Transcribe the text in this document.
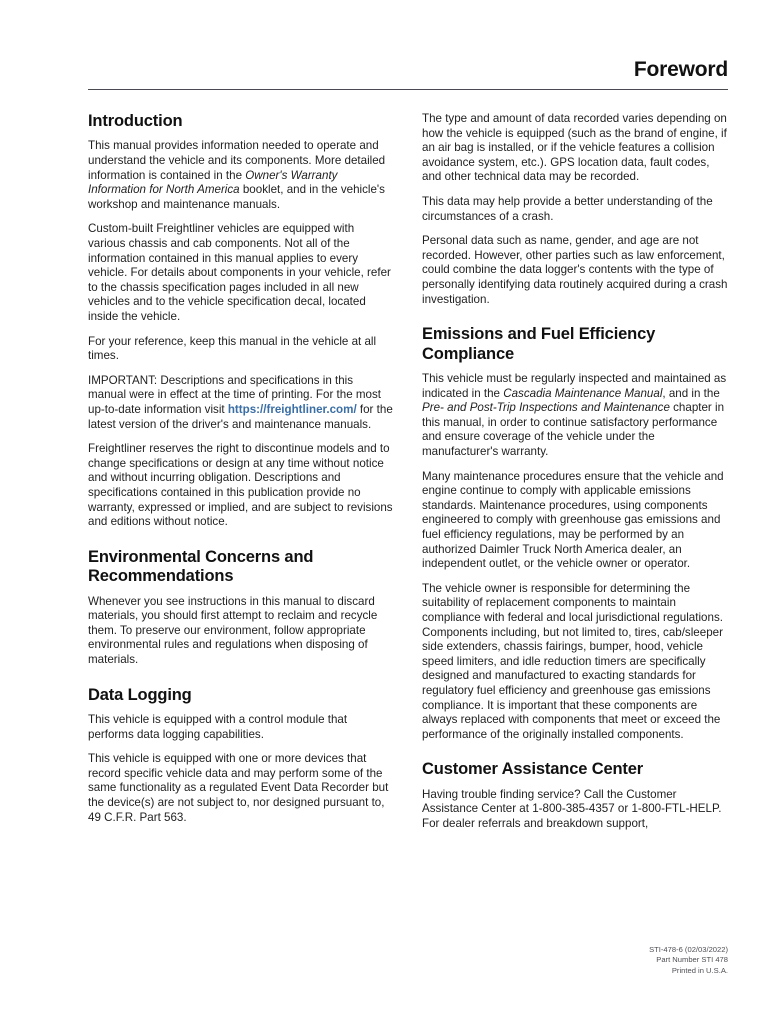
Foreword
Introduction

This manual provides information needed to operate and understand the vehicle and its components. More detailed information is contained in the Owner's Warranty Information for North America booklet, and in the vehicle's workshop and maintenance manuals.

Custom-built Freightliner vehicles are equipped with various chassis and cab components. Not all of the information contained in this manual applies to every vehicle. For details about components in your vehicle, refer to the chassis specification pages included in all new vehicles and to the vehicle specification decal, located inside the vehicle.

For your reference, keep this manual in the vehicle at all times.

IMPORTANT: Descriptions and specifications in this manual were in effect at the time of printing. For the most up-to-date information visit https://freightliner.com/ for the latest version of the driver's and maintenance manuals.

Freightliner reserves the right to discontinue models and to change specifications or design at any time without notice and without incurring obligation. Descriptions and specifications contained in this publication provide no warranty, expressed or implied, and are subject to revisions and editions without notice.

Environmental Concerns and Recommendations

Whenever you see instructions in this manual to discard materials, you should first attempt to reclaim and recycle them. To preserve our environment, follow appropriate environmental rules and regulations when disposing of materials.

Data Logging

This vehicle is equipped with a control module that performs data logging capabilities.

This vehicle is equipped with one or more devices that record specific vehicle data and may perform some of the same functionality as a regulated Event Data Recorder but the device(s) are not subject to, nor designed pursuant to, 49 C.F.R. Part 563.

The type and amount of data recorded varies depending on how the vehicle is equipped (such as the brand of engine, if an air bag is installed, or if the vehicle features a collision avoidance system, etc.). GPS location data, fault codes, and other technical data may be recorded.

This data may help provide a better understanding of the circumstances of a crash.

Personal data such as name, gender, and age are not recorded. However, other parties such as law enforcement, could combine the data logger's contents with the type of personally identifying data routinely acquired during a crash investigation.

Emissions and Fuel Efficiency Compliance

This vehicle must be regularly inspected and maintained as indicated in the Cascadia Maintenance Manual, and in the Pre- and Post-Trip Inspections and Maintenance chapter in this manual, in order to continue satisfactory performance and ensure coverage of the vehicle under the manufacturer's warranty.

Many maintenance procedures ensure that the vehicle and engine continue to comply with applicable emissions standards. Maintenance procedures, using components engineered to comply with greenhouse gas emissions and fuel efficiency regulations, may be performed by an authorized Daimler Truck North America dealer, an independent outlet, or the vehicle owner or operator.

The vehicle owner is responsible for determining the suitability of replacement components to maintain compliance with federal and local jurisdictional regulations. Components including, but not limited to, tires, cab/sleeper side extenders, chassis fairings, bumper, hood, vehicle speed limiters, and idle reduction timers are specifically designed and manufactured to exacting standards for regulatory fuel efficiency and greenhouse gas emissions compliance. It is important that these components are always replaced with components that meet or exceed the performance of the originally installed components.

Customer Assistance Center

Having trouble finding service? Call the Customer Assistance Center at 1-800-385-4357 or 1-800-FTL-HELP. For dealer referrals and breakdown support,

STI-478-6 (02/03/2022)
Part Number STI 478
Printed in U.S.A.
